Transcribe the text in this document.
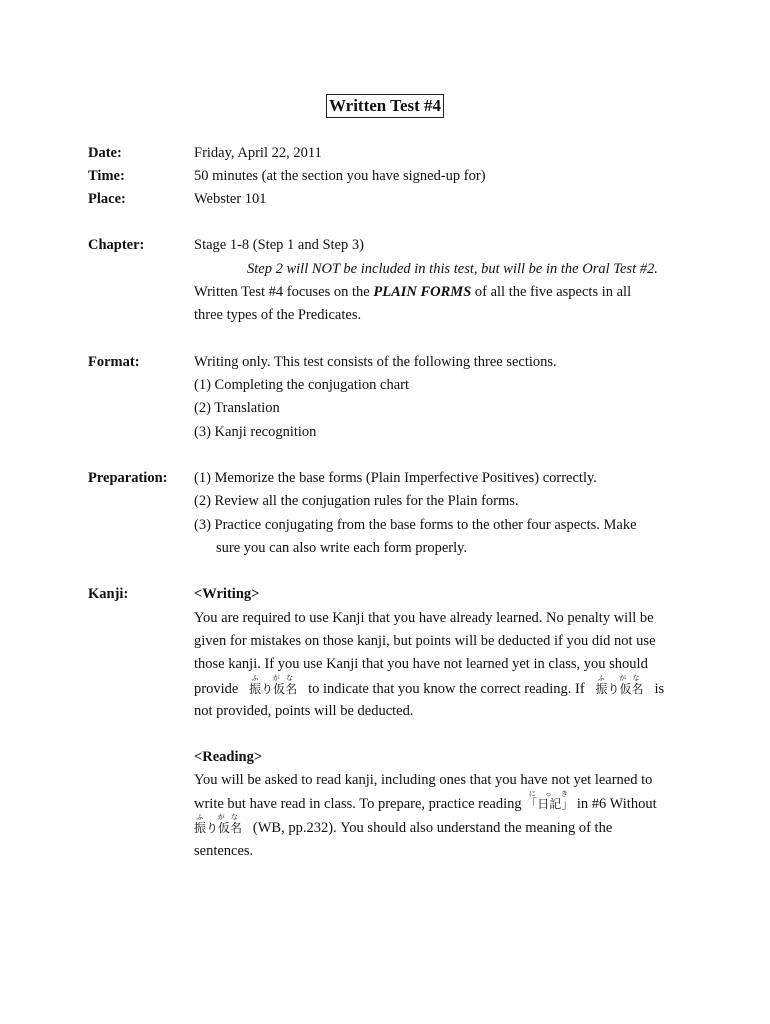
Written Test #4
Date:	Friday, April 22, 2011
Time:	50 minutes (at the section you have signed-up for)
Place:	Webster 101
Chapter:	Stage 1-8 (Step 1 and Step 3)
Step 2 will NOT be included in this test, but will be in the Oral Test #2.
Written Test #4 focuses on the PLAIN FORMS of all the five aspects in all
three types of the Predicates.
Format:	Writing only. This test consists of the following three sections.
(1) Completing the conjugation chart
(2) Translation
(3) Kanji recognition
Preparation: (1) Memorize the base forms (Plain Imperfective Positives) correctly.
(2) Review all the conjugation rules for the Plain forms.
(3) Practice conjugating from the base forms to the other four aspects. Make
sure you can also write each form properly.
Kanji:	<Writing>
You are required to use Kanji that you have already learned. No penalty will be
given for mistakes on those kanji, but points will be deducted if you did not use
those kanji. If you use Kanji that you have not learned yet in class, you should
provide 振り仮名ふ がな   to indicate that you know the correct reading. If 振り仮名ふ がな   is
not provided, points will be deducted.
<Reading>
You will be asked to read kanji, including ones that you have not yet learned to
write but have read in class. To prepare, practice reading 「日記」にっき in #6 Without
振り仮名ふ がな   (WB, pp.232). You should also understand the meaning of the
sentences.
